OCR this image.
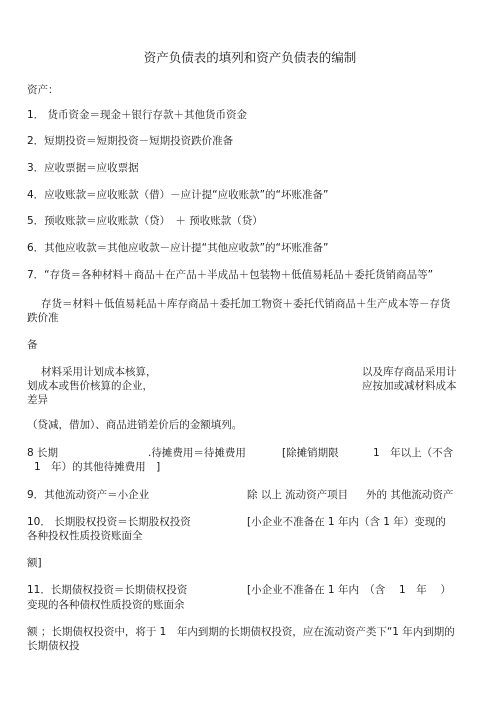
资产负债表的填列和资产负债表的编制
资产：
1． 货币资金＝现金＋银行存款＋其他货币资金
2．短期投资＝短期投资－短期投资跌价准备
3．应收票据＝应收票据
4．应收账款＝应收账款（借）－应计提“应收账款”的“坏账准备”
5．预收账款＝应收账款（贷）　＋ 预收账款（贷）
6．其他应收款＝其他应收款－应计提“其他应收款”的“坏账准备”
7．“存货＝各种材料＋商品＋在产品＋半成品＋包装物＋低值易耗品＋委托货销商品等”
存货＝材料＋低值易耗品＋库存商品＋委托加工物资＋委托代销商品＋生产成本等－存货
跌价准
备
材料采用计划成本核算，	以及库存商品采用计
划成本或售价核算的企业，	应按加或减材料成本
差异
（贷减，借加）、商品进销差价后的金额填列。
8 长期	.待摊费用＝待摊费用	[除摊销期限	1　年以上（不含
1　年）的其他待摊费用　]
9．其他流动资产＝小企业	除 以上 流动资产项目 外的 其他流动资产
10． 长期股权投资＝长期股权投资	[小企业不准备在 1 年内（含 1 年）变现的
各种投权性质投资账面全
额]
11．长期债权投资＝长期债权投资	[小企业不准备在 1 年内　（含　 1　年　 ）
变现的各种债权性质投资的账面余
额 ；长期债权投资中，将于 1　年内到期的长期债权投资，应在流动资产类下“1 年内到期的
长期债权投
